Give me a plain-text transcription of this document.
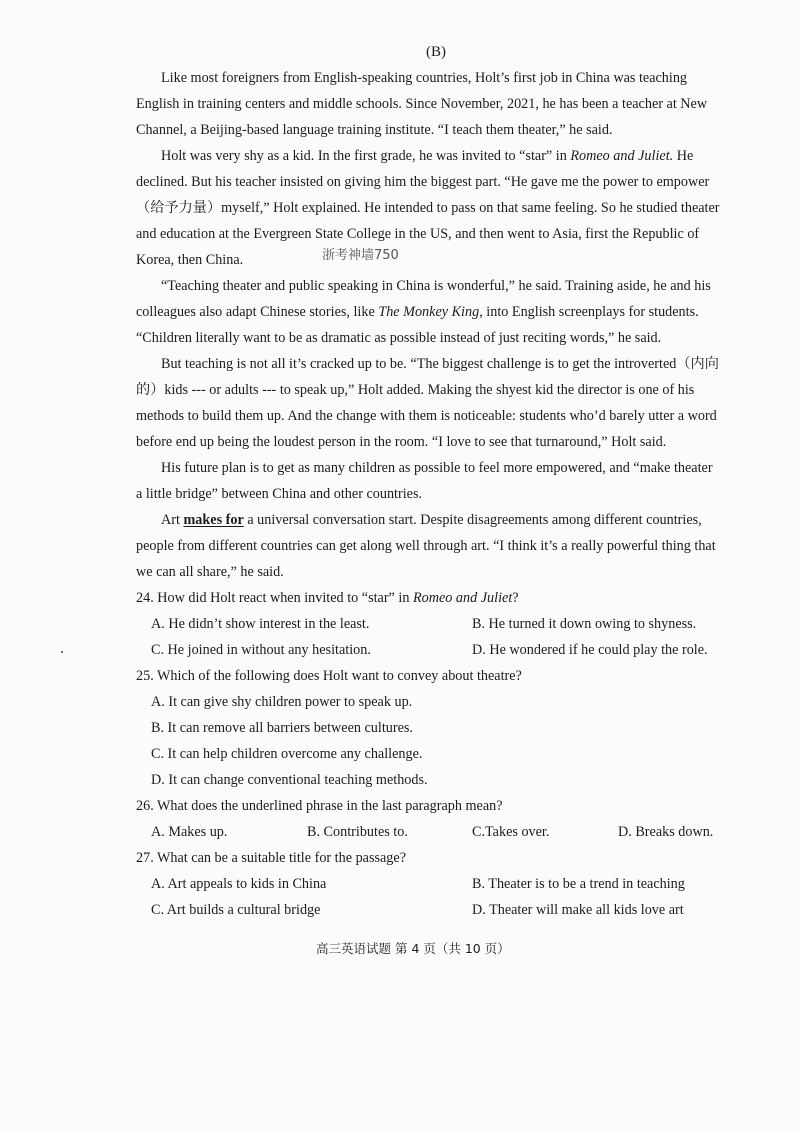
(B)

Like most foreigners from English-speaking countries, Holt’s first job in China was teaching

English in training centers and middle schools. Since November, 2021, he has been a teacher at New

Channel, a Beijing-based language training institute. “I teach them theater,” he said.

Holt was very shy as a kid. In the first grade, he was invited to “star” in Romeo and Juliet. He

declined. But his teacher insisted on giving him the biggest part. “He gave me the power to empower

（给予力量）myself,” Holt explained. He intended to pass on that same feeling. So he studied theater

and education at the Evergreen State College in the US, and then went to Asia, first the Republic of

Korea, then China.	浙考神墙750

“Teaching theater and public speaking in China is wonderful,” he said. Training aside, he and his

colleagues also adapt Chinese stories, like The Monkey King, into English screenplays for students.

“Children literally want to be as dramatic as possible instead of just reciting words,” he said.

But teaching is not all it’s cracked up to be. “The biggest challenge is to get the introverted（内向

的）kids --- or adults --- to speak up,” Holt added. Making the shyest kid the director is one of his

methods to build them up. And the change with them is noticeable: students who’d barely utter a word

before end up being the loudest person in the room. “I love to see that turnaround,” Holt said.

His future plan is to get as many children as possible to feel more empowered, and “make theater

a little bridge” between China and other countries.

Art makes for a universal conversation start. Despite disagreements among different countries,

people from different countries can get along well through art. “I think it’s a really powerful thing that

we can all share,” he said.

24. How did Holt react when invited to “star” in Romeo and Juliet?

A. He didn’t show interest in the least.	B. He turned it down owing to shyness.

C. He joined in without any hesitation.	D. He wondered if he could play the role.

25. Which of the following does Holt want to convey about theatre?

A. It can give shy children power to speak up.

B. It can remove all barriers between cultures.

C. It can help children overcome any challenge.

D. It can change conventional teaching methods.

26. What does the underlined phrase in the last paragraph mean?

A. Makes up.	B. Contributes to.	C.Takes over.	D. Breaks down.

27. What can be a suitable title for the passage?

A. Art appeals to kids in China	B. Theater is to be a trend in teaching

C. Art builds a cultural bridge	D. Theater will make all kids love art

高三英语试题 第 4 页（共 10 页）
